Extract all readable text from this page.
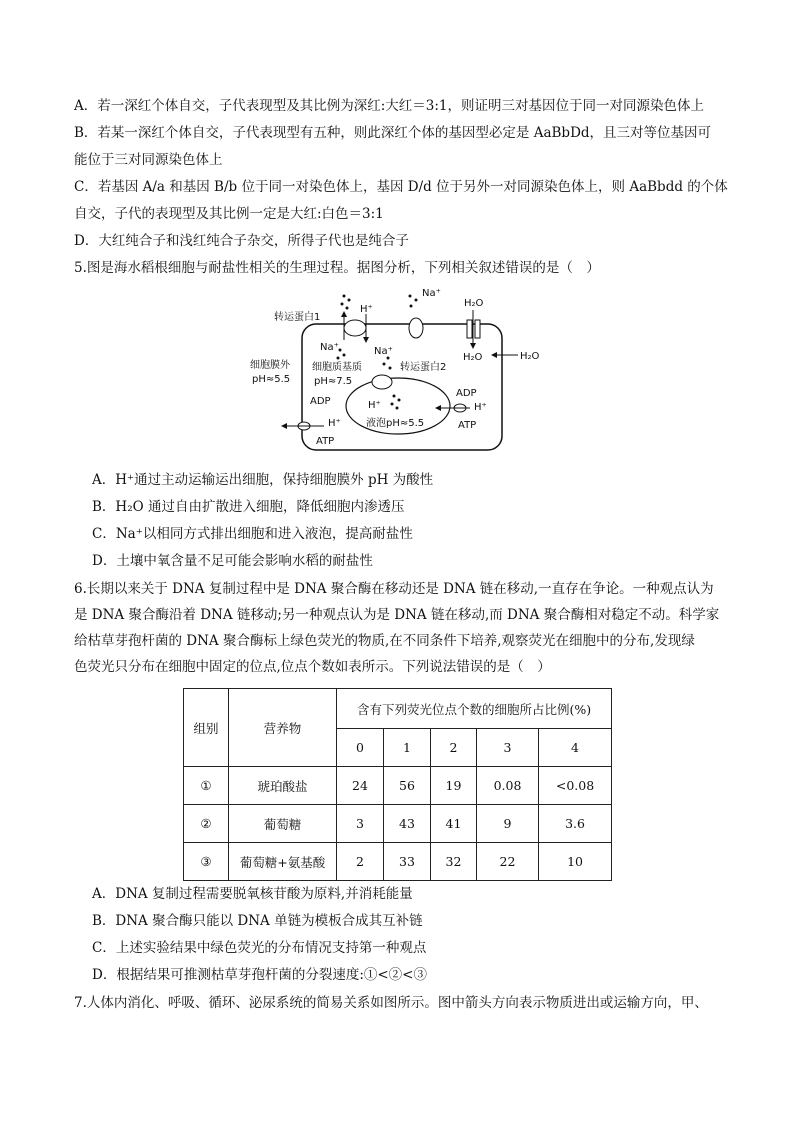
A．若一深红个体自交，子代表现型及其比例为深红:大红＝3:1，则证明三对基因位于同一对同源染色体上
B．若某一深红个体自交，子代表现型有五种，则此深红个体的基因型必定是 AaBbDd，且三对等位基因可
能位于三对同源染色体上
C．若基因 A/a 和基因 B/b 位于同一对染色体上，基因 D/d 位于另外一对同源染色体上，则 AaBbdd 的个体
自交，子代的表现型及其比例一定是大红:白色＝3:1
D．大红纯合子和浅红纯合子杂交，所得子代也是纯合子
5.图是海水稻根细胞与耐盐性相关的生理过程。据图分析，下列相关叙述错误的是（　）
转运蛋白1
H⁺
Na⁺
Na⁺
H₂O
H₂O	H₂O
细胞膜外
pH≈5.5
细胞质基质
pH≈7.5
Na⁺
转运蛋白2
H⁺
液泡pH≈5.5
ADP
H⁺
ATP
ADP
H⁺
ATP
A．H⁺通过主动运输运出细胞，保持细胞膜外 pH 为酸性
B．H₂O 通过自由扩散进入细胞，降低细胞内渗透压
C．Na⁺以相同方式排出细胞和进入液泡，提高耐盐性
D．土壤中氧含量不足可能会影响水稻的耐盐性
6.长期以来关于 DNA 复制过程中是 DNA 聚合酶在移动还是 DNA 链在移动,一直存在争论。一种观点认为
是 DNA 聚合酶沿着 DNA 链移动;另一种观点认为是 DNA 链在移动,而 DNA 聚合酶相对稳定不动。科学家
给枯草芽孢杆菌的 DNA 聚合酶标上绿色荧光的物质,在不同条件下培养,观察荧光在细胞中的分布,发现绿
色荧光只分布在细胞中固定的位点,位点个数如表所示。下列说法错误的是（　）
组别	营养物	含有下列荧光位点个数的细胞所占比例(%)				
		0	1	2	3	4
①	琥珀酸盐	24	56	19	0.08	<0.08
②	葡萄糖	3	43	41	9	3.6
③	葡萄糖+氨基酸	2	33	32	22	10
A．DNA 复制过程需要脱氧核苷酸为原料,并消耗能量
B．DNA 聚合酶只能以 DNA 单链为模板合成其互补链
C．上述实验结果中绿色荧光的分布情况支持第一种观点
D．根据结果可推测枯草芽孢杆菌的分裂速度:①<②<③
7.人体内消化、呼吸、循环、泌尿系统的简易关系如图所示。图中箭头方向表示物质进出或运输方向，甲、
